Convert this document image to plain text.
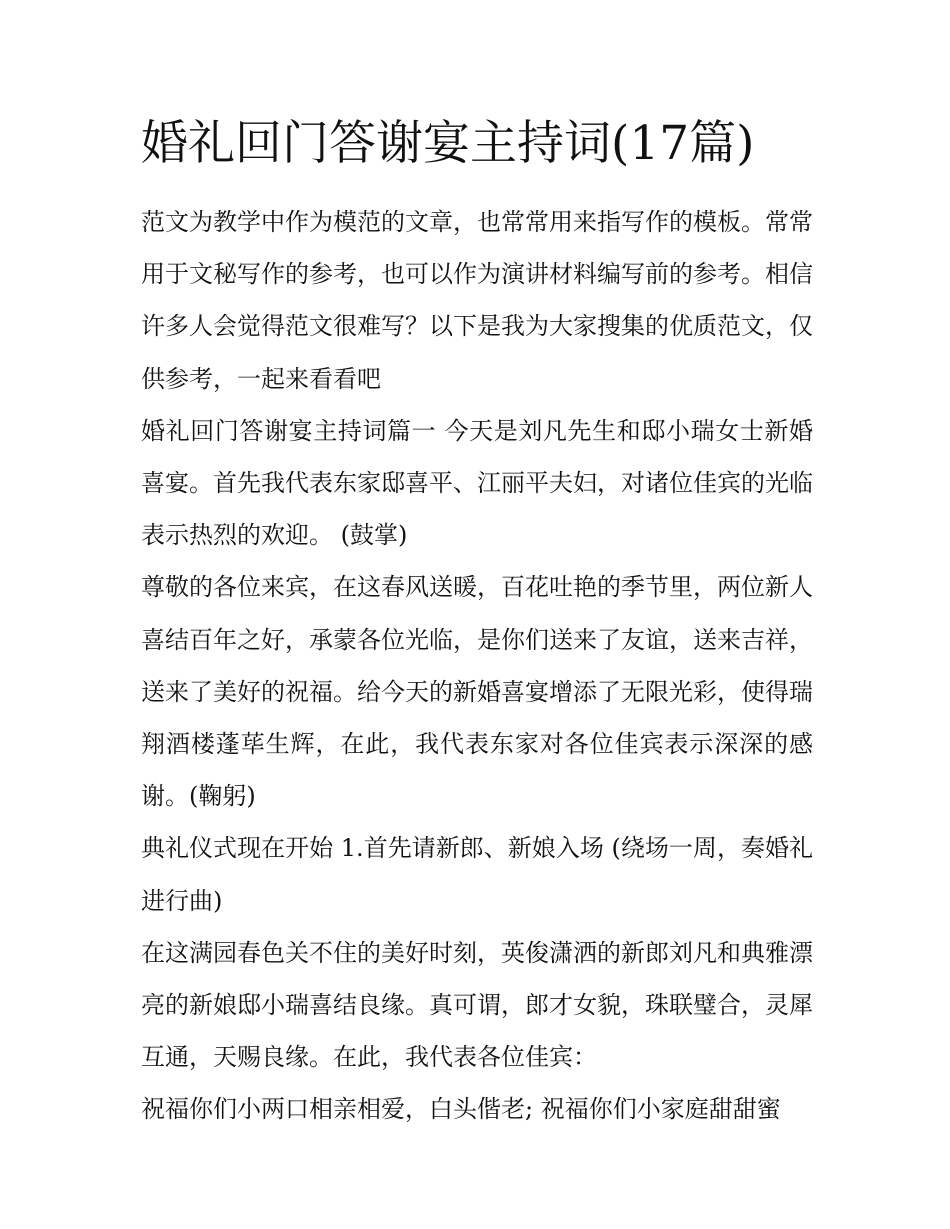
婚礼回门答谢宴主持词(17篇)

范文为教学中作为模范的文章，也常常用来指写作的模板。常常用于文秘写作的参考，也可以作为演讲材料编写前的参考。相信许多人会觉得范文很难写？以下是我为大家搜集的优质范文，仅供参考，一起来看看吧

婚礼回门答谢宴主持词篇一 今天是刘凡先生和邸小瑞女士新婚喜宴。首先我代表东家邸喜平、江丽平夫妇，对诸位佳宾的光临表示热烈的欢迎。 (鼓掌)

尊敬的各位来宾，在这春风送暖，百花吐艳的季节里，两位新人喜结百年之好，承蒙各位光临，是你们送来了友谊，送来吉祥，送来了美好的祝福。给今天的新婚喜宴增添了无限光彩，使得瑞翔酒楼蓬荜生辉，在此，我代表东家对各位佳宾表示深深的感谢。(鞠躬)

典礼仪式现在开始 1.首先请新郎、新娘入场 (绕场一周，奏婚礼进行曲)

在这满园春色关不住的美好时刻，英俊潇洒的新郎刘凡和典雅漂亮的新娘邸小瑞喜结良缘。真可谓，郎才女貌，珠联璧合，灵犀互通，天赐良缘。在此，我代表各位佳宾：

祝福你们小两口相亲相爱，白头偕老; 祝福你们小家庭甜甜蜜
